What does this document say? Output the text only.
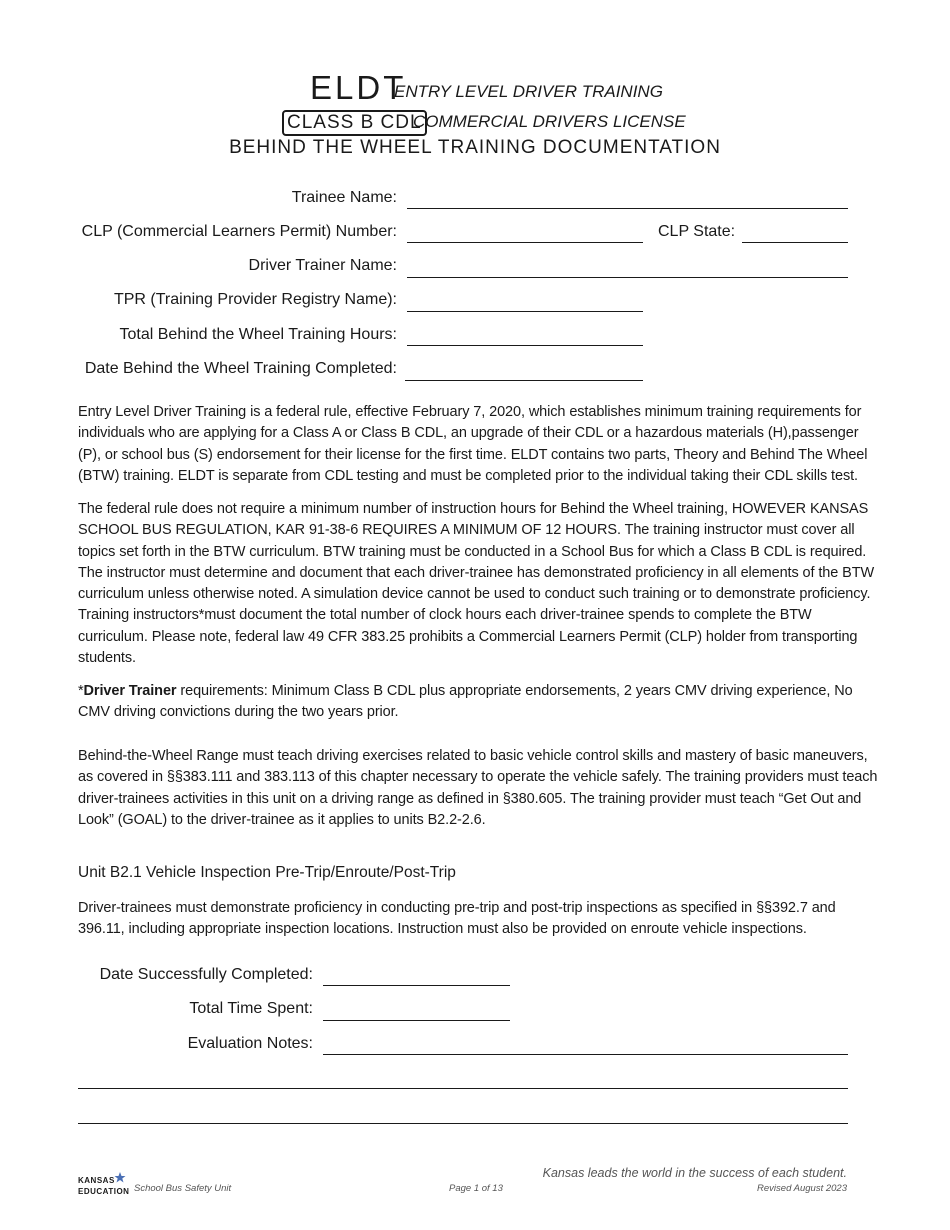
ELDT
ENTRY LEVEL DRIVER TRAINING
CLASS B CDL
COMMERCIAL DRIVERS LICENSE
BEHIND THE WHEEL TRAINING DOCUMENTATION
Trainee Name:
CLP (Commercial Learners Permit) Number:	CLP State:
Driver Trainer Name:
TPR (Training Provider Registry Name):
Total Behind the Wheel Training Hours:
Date Behind the Wheel Training Completed:
Entry Level Driver Training is a federal rule, effective February 7, 2020, which establishes minimum training requirements for individuals who are applying for a Class A or Class B CDL, an upgrade of their CDL or a hazardous materials (H),passenger (P), or school bus (S) endorsement for their license for the first time. ELDT contains two parts, Theory and Behind The Wheel (BTW) training. ELDT is separate from CDL testing and must be completed prior to the individual taking their CDL skills test.
The federal rule does not require a minimum number of instruction hours for Behind the Wheel training, HOWEVER KANSAS SCHOOL BUS REGULATION, KAR 91-38-6 REQUIRES A MINIMUM OF 12 HOURS. The training instructor must cover all topics set forth in the BTW curriculum. BTW training must be conducted in a School Bus for which a Class B CDL is required. The instructor must determine and document that each driver-trainee has demonstrated proficiency in all elements of the BTW curriculum unless otherwise noted. A simulation device cannot be used to conduct such training or to demonstrate proficiency. Training instructors*must document the total number of clock hours each driver-trainee spends to complete the BTW curriculum. Please note, federal law 49 CFR 383.25 prohibits a Commercial Learners Permit (CLP) holder from transporting students.
*Driver Trainer requirements: Minimum Class B CDL plus appropriate endorsements, 2 years CMV driving experience, No CMV driving convictions during the two years prior.
Behind-the-Wheel Range must teach driving exercises related to basic vehicle control skills and mastery of basic maneuvers, as covered in §§383.111 and 383.113 of this chapter necessary to operate the vehicle safely. The training providers must teach driver-trainees activities in this unit on a driving range as defined in §380.605. The training provider must teach “Get Out and Look” (GOAL) to the driver-trainee as it applies to units B2.2-2.6.
Unit B2.1 Vehicle Inspection Pre-Trip/Enroute/Post-Trip
Driver-trainees must demonstrate proficiency in conducting pre-trip and post-trip inspections as specified in §§392.7 and 396.11, including appropriate inspection locations. Instruction must also be provided on enroute vehicle inspections.
Date Successfully Completed:
Total Time Spent:
Evaluation Notes:
KANSAS
EDUCATION School Bus Safety Unit	Page 1 of 13
Kansas leads the world in the success of each student.
Revised August 2023
